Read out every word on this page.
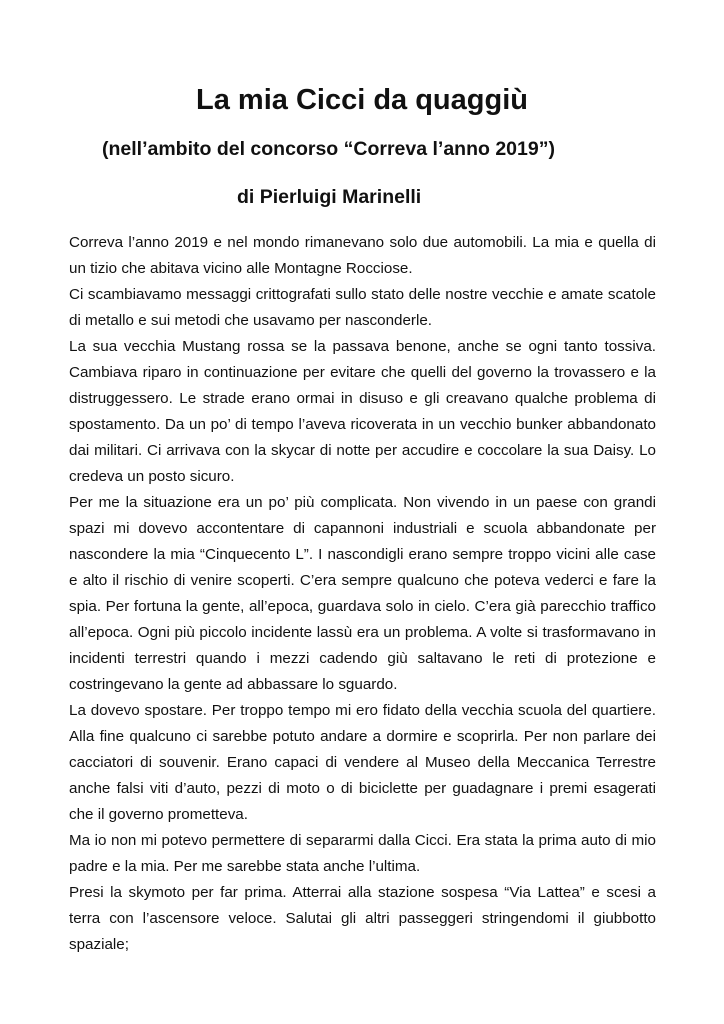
La mia Cicci da quaggiù
(nell’ambito del concorso “Correva l’anno 2019”)
di Pierluigi Marinelli

Correva l’anno 2019 e nel mondo rimanevano solo due automobili. La mia e quella di un tizio che abitava vicino alle Montagne Rocciose.

Ci scambiavamo messaggi crittografati sullo stato delle nostre vecchie e amate scatole di metallo e sui metodi che usavamo per nasconderle.

La sua vecchia Mustang rossa se la passava benone, anche se ogni tanto tossiva. Cambiava riparo in continuazione per evitare che quelli del governo la trovassero e la distruggessero. Le strade erano ormai in disuso e gli creavano qualche problema di spostamento. Da un po’ di tempo l’aveva ricoverata in un vecchio bunker abbandonato dai militari. Ci arrivava con la skycar di notte per accudire e coccolare la sua Daisy. Lo credeva un posto sicuro.

Per me la situazione era un po’ più complicata. Non vivendo in un paese con grandi spazi mi dovevo accontentare di capannoni industriali e scuola abbandonate per nascondere la mia “Cinquecento L”. I nascondigli erano sempre troppo vicini alle case e alto il rischio di venire scoperti. C’era sempre qualcuno che poteva vederci e fare la spia. Per fortuna la gente, all’epoca, guardava solo in cielo. C’era già parecchio traffico all’epoca. Ogni più piccolo incidente lassù era un problema. A volte si trasformavano in incidenti terrestri quando i mezzi cadendo giù saltavano le reti di protezione e costringevano la gente ad abbassare lo sguardo.

La dovevo spostare. Per troppo tempo mi ero fidato della vecchia scuola del quartiere. Alla fine qualcuno ci sarebbe potuto andare a dormire e scoprirla. Per non parlare dei cacciatori di souvenir. Erano capaci di vendere al Museo della Meccanica Terrestre anche falsi viti d’auto, pezzi di moto o di biciclette per guadagnare i premi esagerati che il governo prometteva.

Ma io non mi potevo permettere di separarmi dalla Cicci. Era stata la prima auto di mio padre e la mia. Per me sarebbe stata anche l’ultima.

Presi la skymoto per far prima. Atterrai alla stazione sospesa “Via Lattea” e scesi a terra con l’ascensore veloce. Salutai gli altri passeggeri stringendomi il giubbotto spaziale;
